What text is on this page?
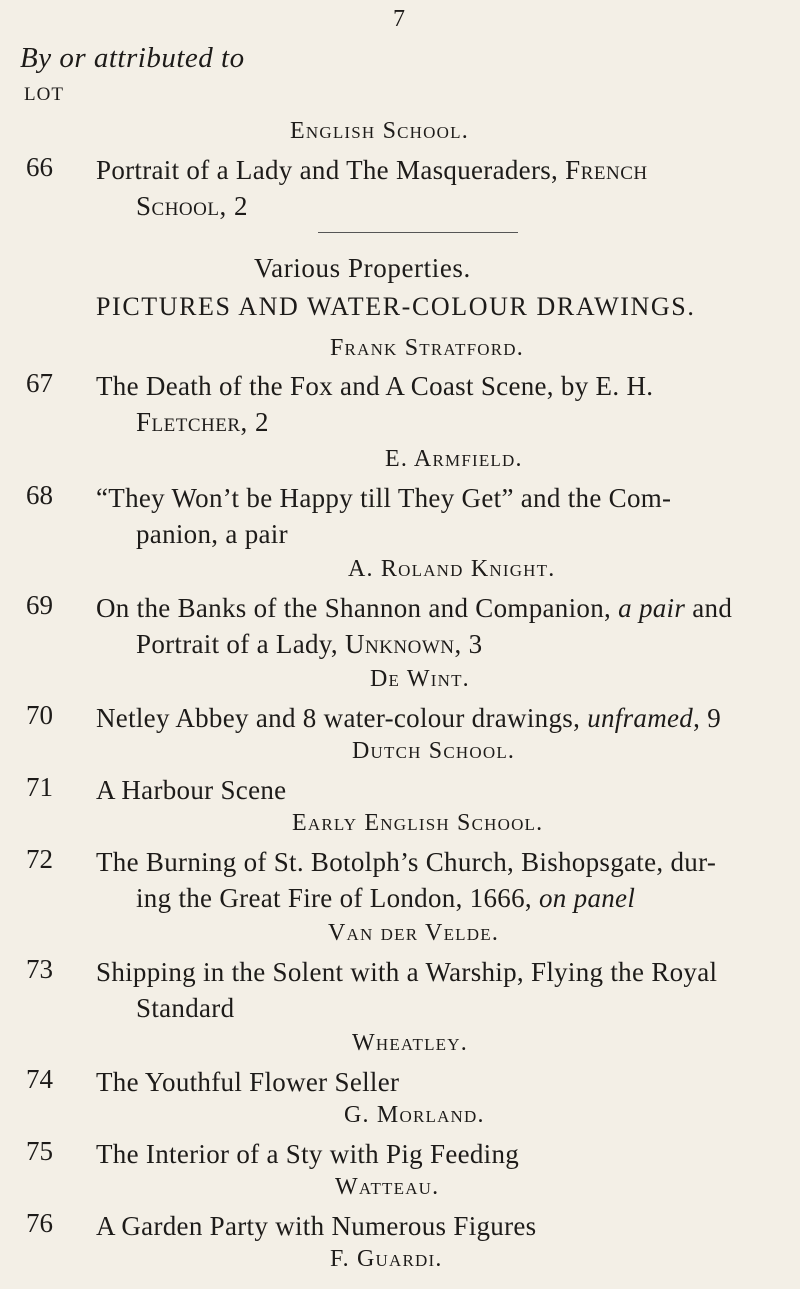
7
By or attributed to
LOT
English School.
66 Portrait of a Lady and The Masqueraders, French
School, 2
Various Properties.
PICTURES AND WATER-COLOUR DRAWINGS.
Frank Stratford.
67 The Death of the Fox and A Coast Scene, by E. H.
Fletcher, 2
E. Armfield.
68 “They Won’t be Happy till They Get” and the Com-
panion, a pair
A. Roland Knight.
69 On the Banks of the Shannon and Companion, a pair and
Portrait of a Lady, Unknown, 3
De Wint.
70 Netley Abbey and 8 water-colour drawings, unframed, 9
Dutch School.
71 A Harbour Scene
Early English School.
72 The Burning of St. Botolph’s Church, Bishopsgate, dur-
ing the Great Fire of London, 1666, on panel
Van der Velde.
73 Shipping in the Solent with a Warship, Flying the Royal
Standard
Wheatley.
74 The Youthful Flower Seller
G. Morland.
75 The Interior of a Sty with Pig Feeding
Watteau.
76 A Garden Party with Numerous Figures
F. Guardi.
